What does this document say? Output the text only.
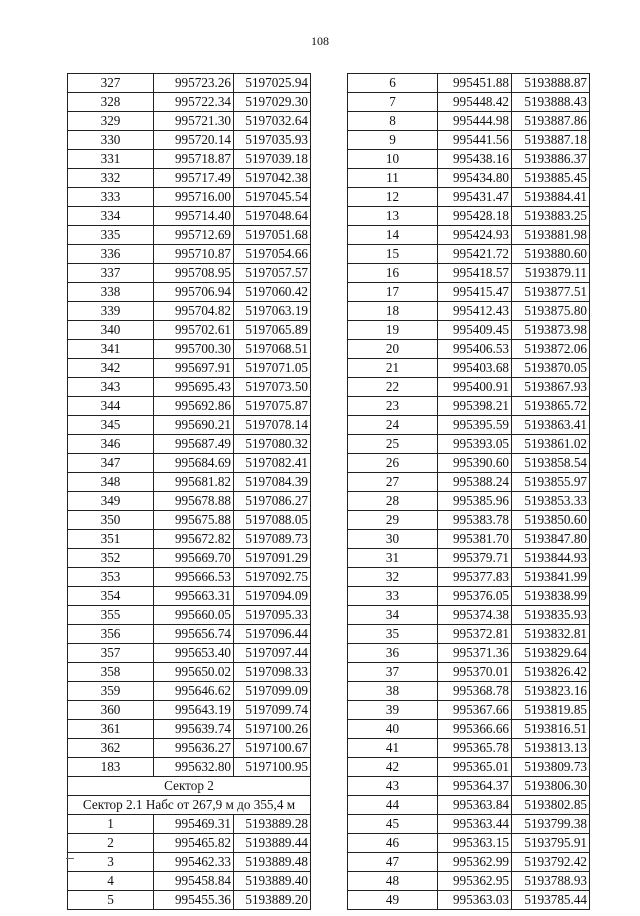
108
327	995723.26	5197025.94
328	995722.34	5197029.30
329	995721.30	5197032.64
330	995720.14	5197035.93
331	995718.87	5197039.18
332	995717.49	5197042.38
333	995716.00	5197045.54
334	995714.40	5197048.64
335	995712.69	5197051.68
336	995710.87	5197054.66
337	995708.95	5197057.57
338	995706.94	5197060.42
339	995704.82	5197063.19
340	995702.61	5197065.89
341	995700.30	5197068.51
342	995697.91	5197071.05
343	995695.43	5197073.50
344	995692.86	5197075.87
345	995690.21	5197078.14
346	995687.49	5197080.32
347	995684.69	5197082.41
348	995681.82	5197084.39
349	995678.88	5197086.27
350	995675.88	5197088.05
351	995672.82	5197089.73
352	995669.70	5197091.29
353	995666.53	5197092.75
354	995663.31	5197094.09
355	995660.05	5197095.33
356	995656.74	5197096.44
357	995653.40	5197097.44
358	995650.02	5197098.33
359	995646.62	5197099.09
360	995643.19	5197099.74
361	995639.74	5197100.26
362	995636.27	5197100.67
183	995632.80	5197100.95
Сектор 2		
Сектор 2.1 Набс от 267,9 м до 355,4 м		
1	995469.31	5193889.28
2	995465.82	5193889.44
3	995462.33	5193889.48
4	995458.84	5193889.40
5	995455.36	5193889.20
6	995451.88	5193888.87
7	995448.42	5193888.43
8	995444.98	5193887.86
9	995441.56	5193887.18
10	995438.16	5193886.37
11	995434.80	5193885.45
12	995431.47	5193884.41
13	995428.18	5193883.25
14	995424.93	5193881.98
15	995421.72	5193880.60
16	995418.57	5193879.11
17	995415.47	5193877.51
18	995412.43	5193875.80
19	995409.45	5193873.98
20	995406.53	5193872.06
21	995403.68	5193870.05
22	995400.91	5193867.93
23	995398.21	5193865.72
24	995395.59	5193863.41
25	995393.05	5193861.02
26	995390.60	5193858.54
27	995388.24	5193855.97
28	995385.96	5193853.33
29	995383.78	5193850.60
30	995381.70	5193847.80
31	995379.71	5193844.93
32	995377.83	5193841.99
33	995376.05	5193838.99
34	995374.38	5193835.93
35	995372.81	5193832.81
36	995371.36	5193829.64
37	995370.01	5193826.42
38	995368.78	5193823.16
39	995367.66	5193819.85
40	995366.66	5193816.51
41	995365.78	5193813.13
42	995365.01	5193809.73
43	995364.37	5193806.30
44	995363.84	5193802.85
45	995363.44	5193799.38
46	995363.15	5193795.91
47	995362.99	5193792.42
48	995362.95	5193788.93
49	995363.03	5193785.44
